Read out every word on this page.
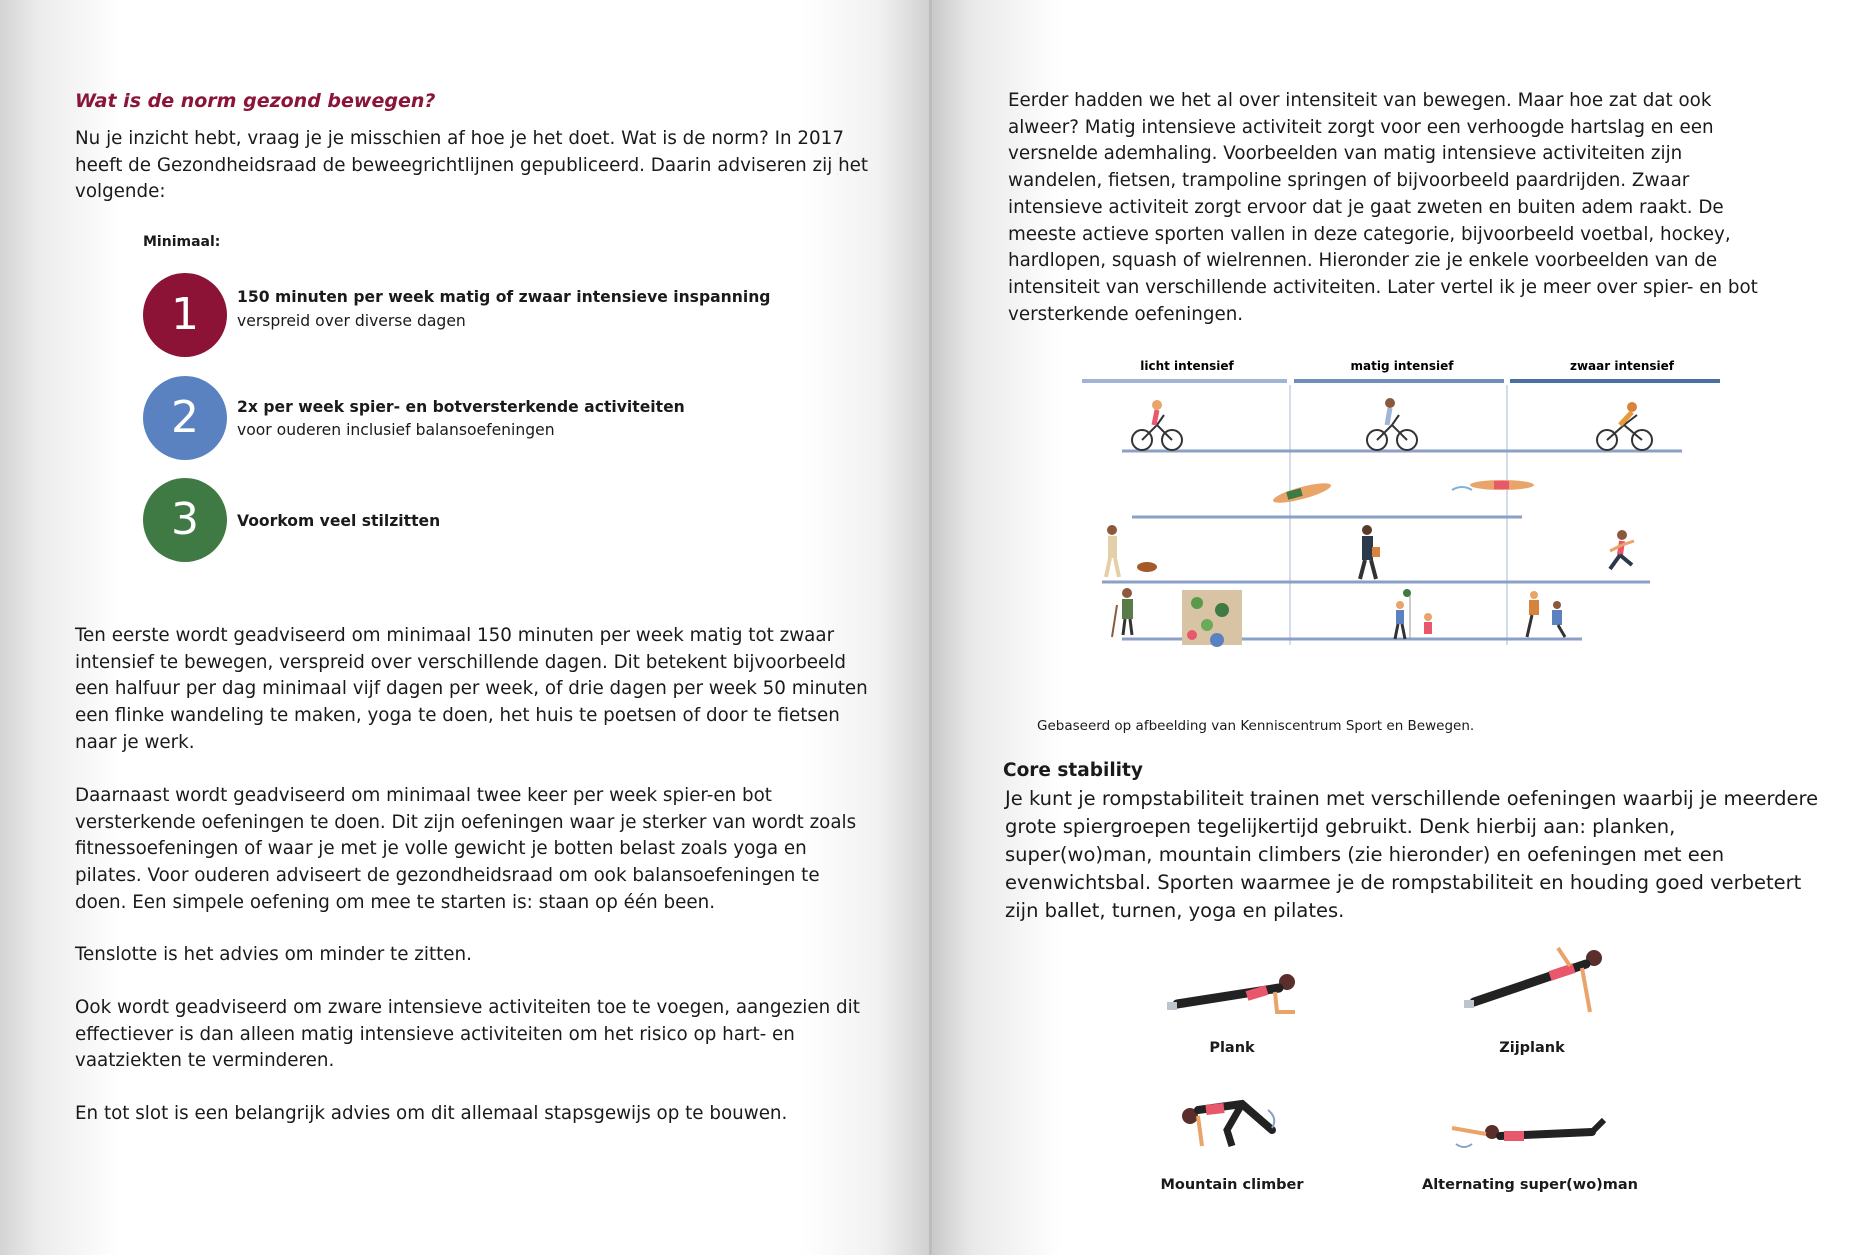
Wat is de norm gezond bewegen?

Nu je inzicht hebt, vraag je je misschien af hoe je het doet. Wat is de norm? In 2017 heeft de Gezondheidsraad de beweegrichtlijnen gepubliceerd. Daarin adviseren zij het volgende:

Minimaal:
1	150 minuten per week matig of zwaar intensieve inspanning
verspreid over diverse dagen
2	2x per week spier- en botversterkende activiteiten
voor ouderen inclusief balansoefeningen
3	Voorkom veel stilzitten

Ten eerste wordt geadviseerd om minimaal 150 minuten per week matig tot zwaar intensief te bewegen, verspreid over verschillende dagen. Dit betekent bijvoorbeeld een halfuur per dag minimaal vijf dagen per week, of drie dagen per week 50 minuten een flinke wandeling te maken, yoga te doen, het huis te poetsen of door te fietsen naar je werk.

Daarnaast wordt geadviseerd om minimaal twee keer per week spier-en bot versterkende oefeningen te doen. Dit zijn oefeningen waar je sterker van wordt zoals fitnessoefeningen of waar je met je volle gewicht je botten belast zoals yoga en pilates. Voor ouderen adviseert de gezondheidsraad om ook balansoefeningen te doen. Een simpele oefening om mee te starten is: staan op één been.

Tenslotte is het advies om minder te zitten.

Ook wordt geadviseerd om zware intensieve activiteiten toe te voegen, aangezien dit effectiever is dan alleen matig intensieve activiteiten om het risico op hart- en vaatziekten te verminderen.

En tot slot is een belangrijk advies om dit allemaal stapsgewijs op te bouwen.

Eerder hadden we het al over intensiteit van bewegen. Maar hoe zat dat ook alweer? Matig intensieve activiteit zorgt voor een verhoogde hartslag en een versnelde ademhaling. Voorbeelden van matig intensieve activiteiten zijn wandelen, fietsen, trampoline springen of bijvoorbeeld paardrijden. Zwaar intensieve activiteit zorgt ervoor dat je gaat zweten en buiten adem raakt. De meeste actieve sporten vallen in deze categorie, bijvoorbeeld voetbal, hockey, hardlopen, squash of wielrennen. Hieronder zie je enkele voorbeelden van de intensiteit van verschillende activiteiten. Later vertel ik je meer over spier- en bot versterkende oefeningen.

licht intensief	matig intensief	zwaar intensief
Gebaseerd op afbeelding van Kenniscentrum Sport en Bewegen.
Core stability

Je kunt je rompstabiliteit trainen met verschillende oefeningen waarbij je meerdere grote spiergroepen tegelijkertijd gebruikt. Denk hierbij aan: planken, super(wo)man, mountain climbers (zie hieronder) en oefeningen met een evenwichtsbal. Sporten waarmee je de rompstabiliteit en houding goed verbetert zijn ballet, turnen, yoga en pilates.

Plank	Zijplank
Mountain climber	Alternating super(wo)man
